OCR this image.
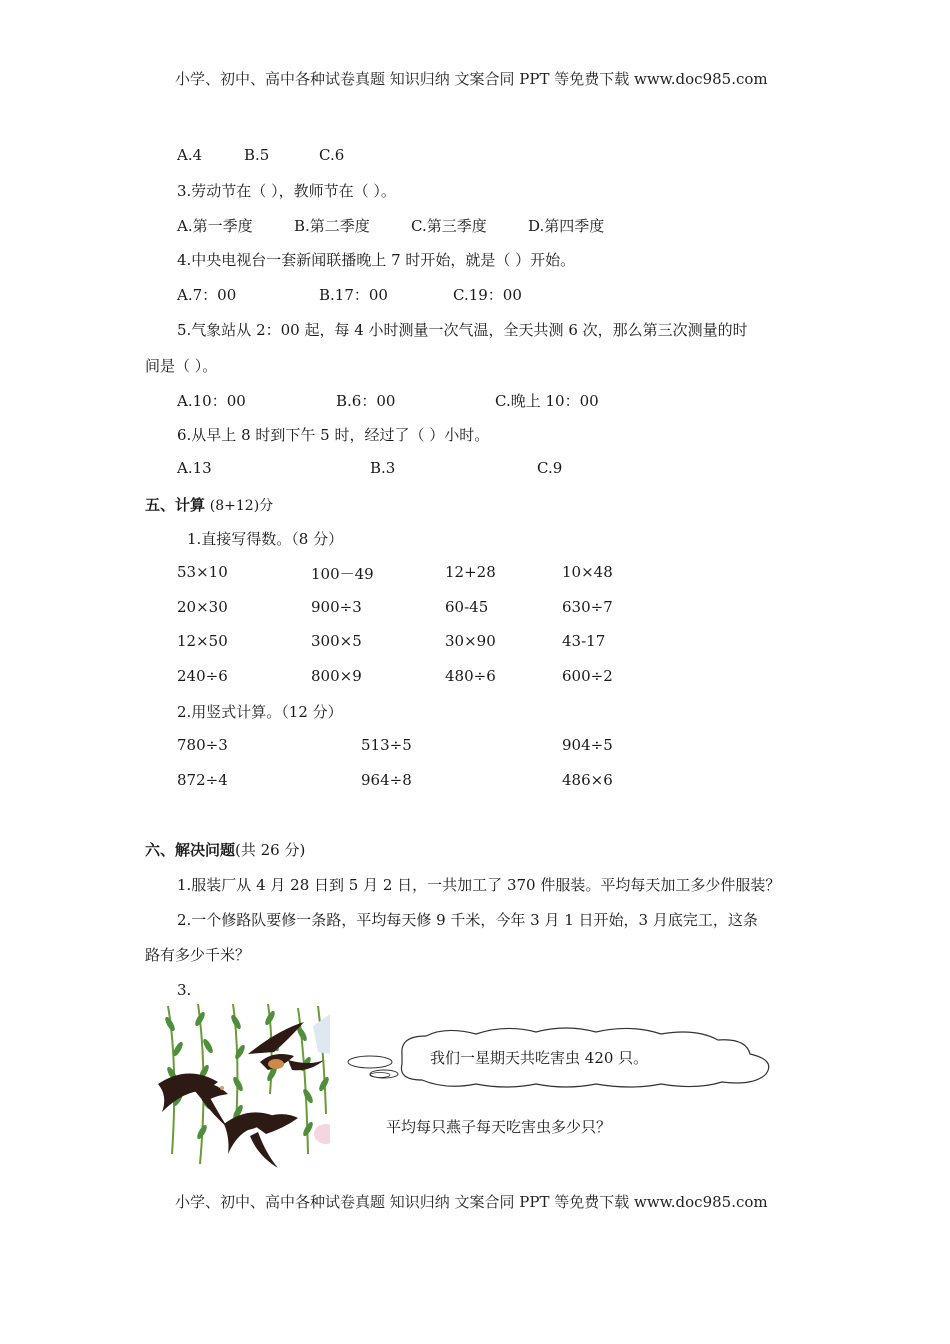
小学、初中、高中各种试卷真题 知识归纳 文案合同 PPT 等免费下载 www.doc985.com
A.4	B.5	C.6
3.劳动节在（ ），教师节在（ ）。
A.第一季度	B.第二季度	C.第三季度	D.第四季度
4.中央电视台一套新闻联播晚上 7 时开始，就是（ ）开始。
A.7：00	B.17：00	C.19：00
5.气象站从 2：00 起，每 4 小时测量一次气温，全天共测 6 次，那么第三次测量的时
间是（ ）。
A.10：00	B.6：00	C.晚上 10：00
6.从早上 8 时到下午 5 时，经过了（ ）小时。
A.13	B.3	C.9
五、计算 (8+12)分
1.直接写得数。（8 分）
53×10	100－49	12+28	10×48
20×30	900÷3	60-45	630÷7
12×50	300×5	30×90	43-17
240÷6	800×9	480÷6	600÷2
2.用竖式计算。（12 分）
780÷3	513÷5	904÷5
872÷4	964÷8	486×6
六、解决问题(共 26 分)
1.服装厂从 4 月 28 日到 5 月 2 日，一共加工了 370 件服装。平均每天加工多少件服装？
2.一个修路队要修一条路，平均每天修 9 千米，今年 3 月 1 日开始，3 月底完工，这条
路有多少千米？
3.
我们一星期天共吃害虫 420 只。
平均每只燕子每天吃害虫多少只？
小学、初中、高中各种试卷真题 知识归纳 文案合同 PPT 等免费下载 www.doc985.com
